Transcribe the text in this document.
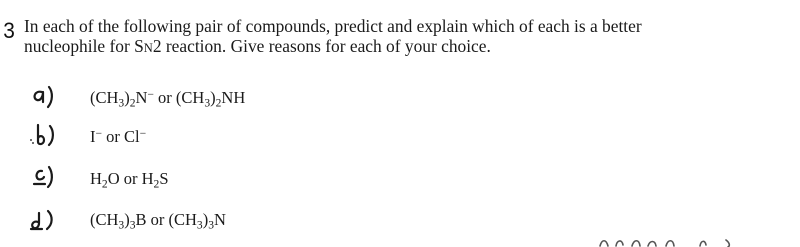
3 In each of the following pair of compounds, predict and explain which of each is a better
nucleophile for SN2 reaction. Give reasons for each of your choice.
$(CH_3)_2N^-$ or $(CH_3)_2NH$
I− or Cl−
$H_2O$ or $H_2S$
$(CH_3)_3B$ or $(CH_3)_3N$
